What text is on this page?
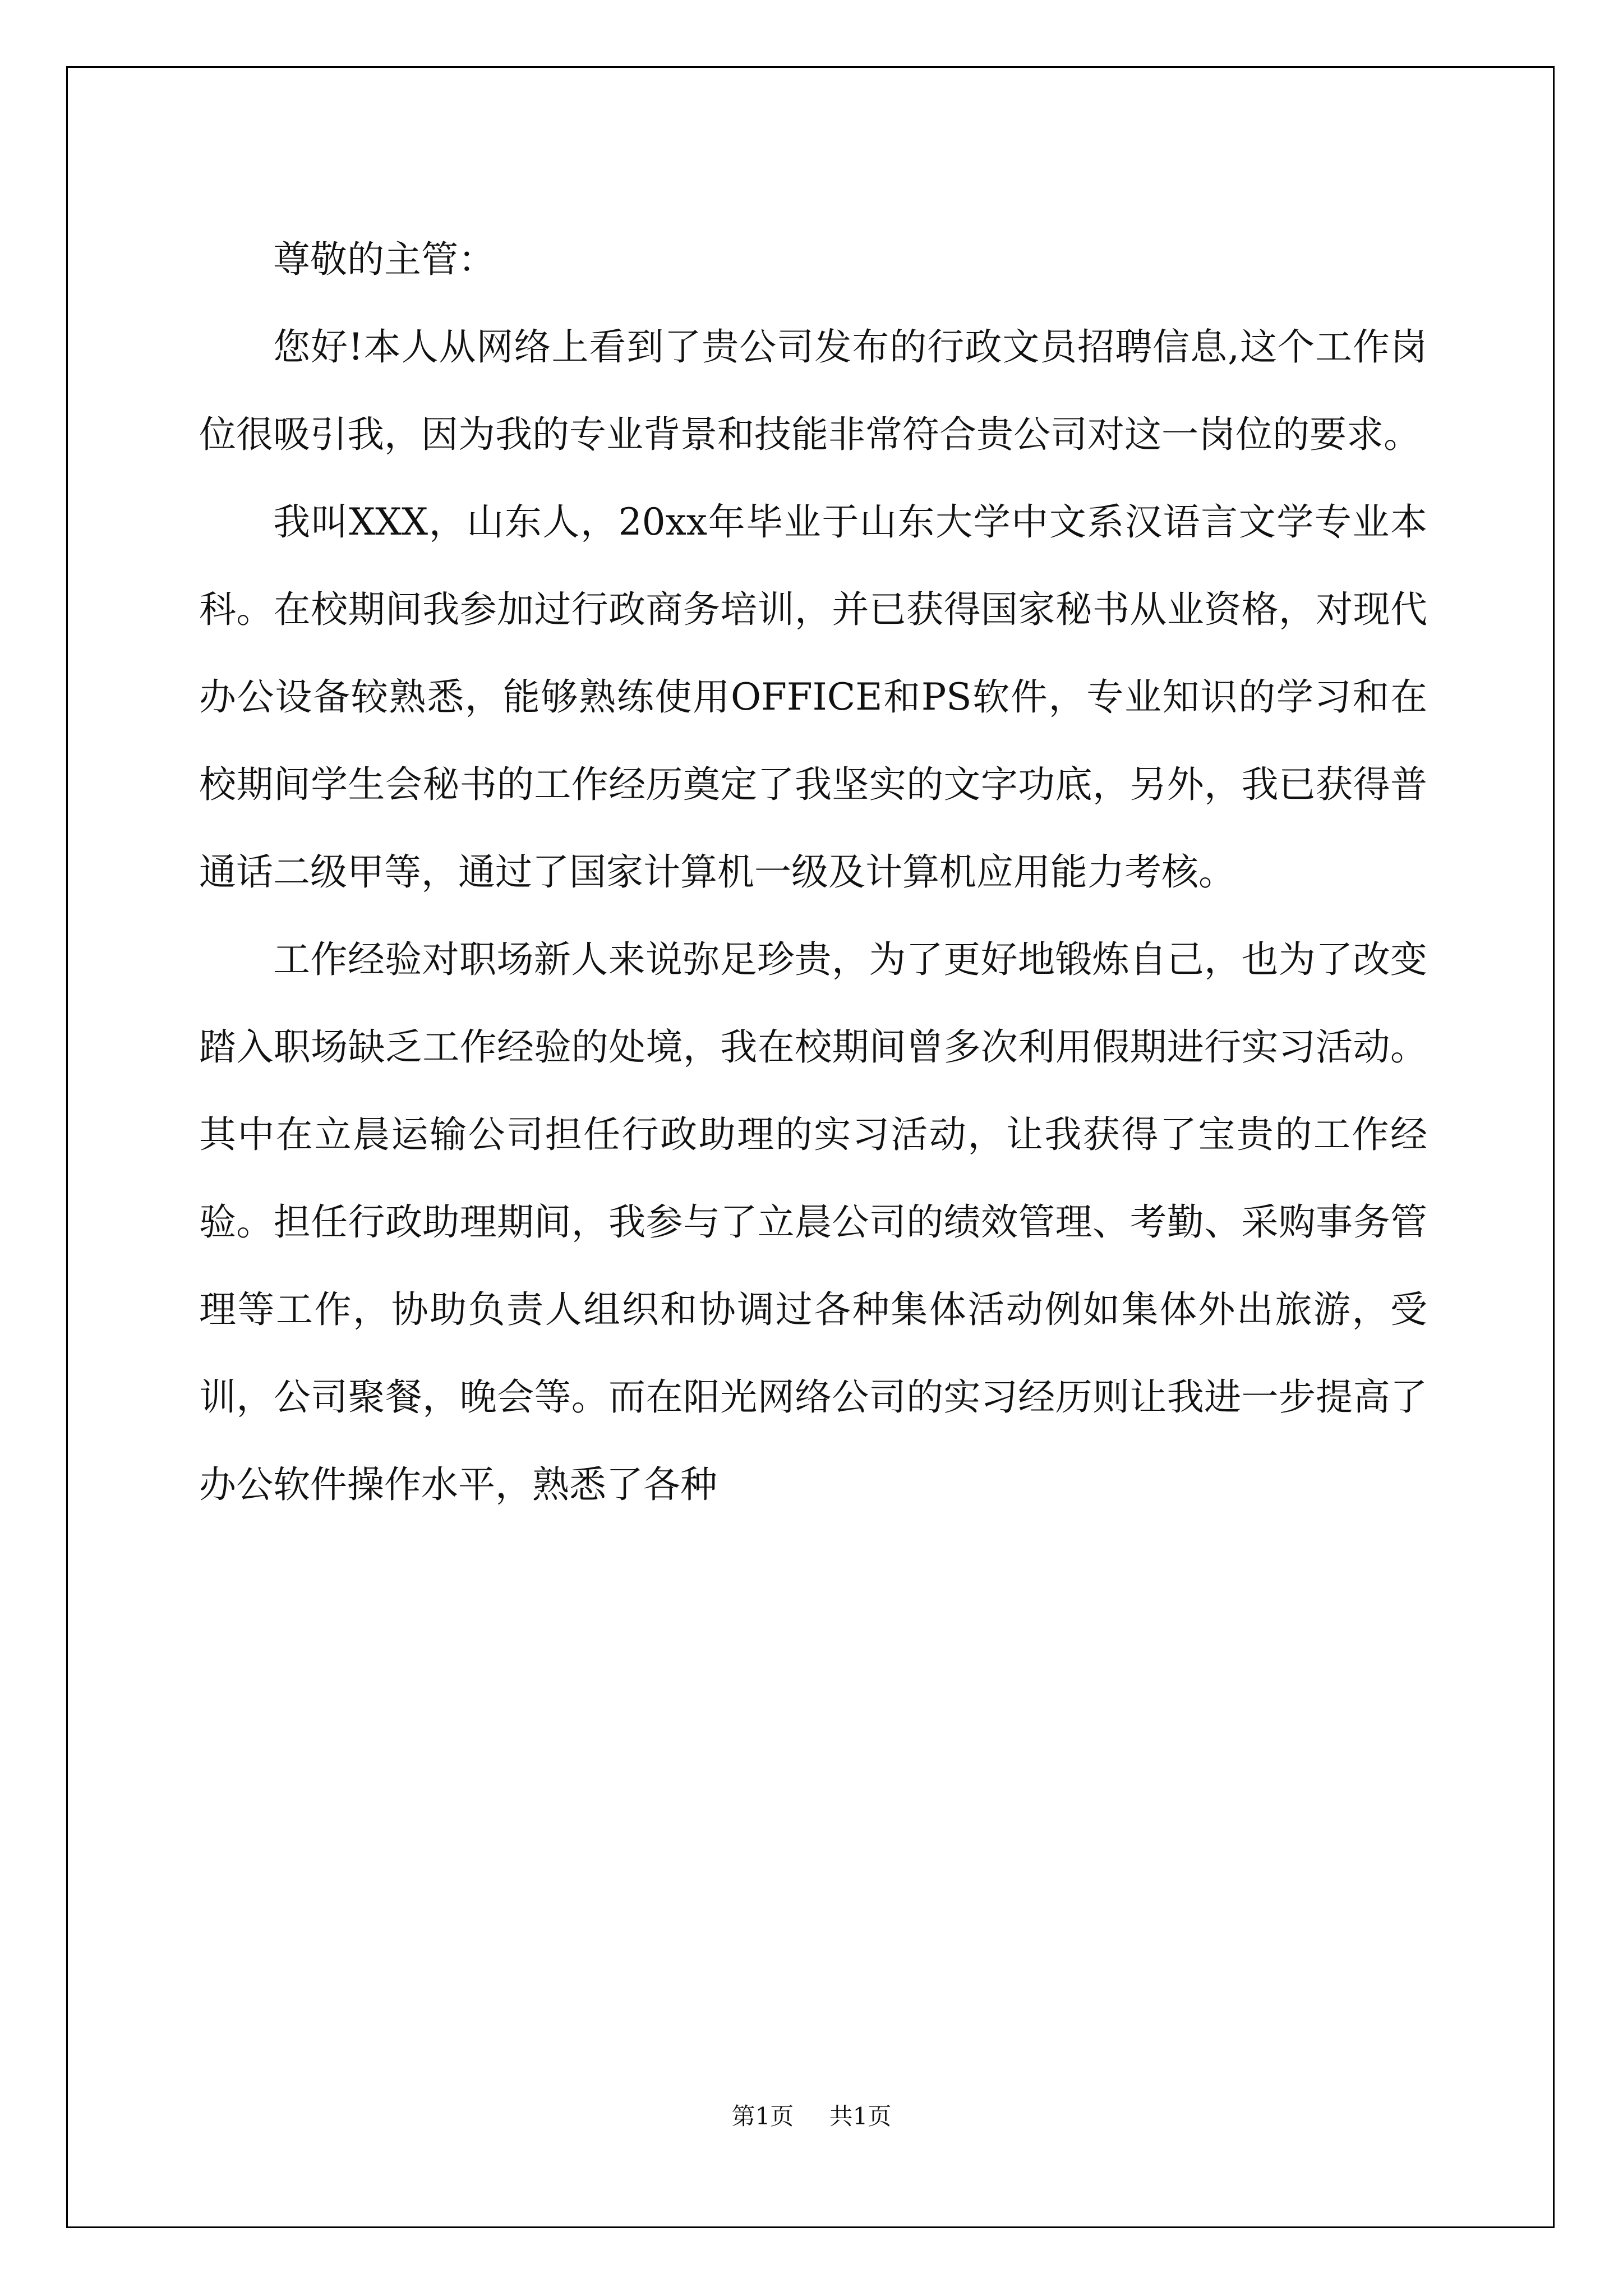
尊敬的主管：

您好!本人从网络上看到了贵公司发布的行政文员招聘信息,这个工作岗位很吸引我，因为我的专业背景和技能非常符合贵公司对这一岗位的要求。

我叫XXX，山东人，20xx年毕业于山东大学中文系汉语言文学专业本科。在校期间我参加过行政商务培训，并已获得国家秘书从业资格，对现代办公设备较熟悉，能够熟练使用OFFICE和PS软件，专业知识的学习和在校期间学生会秘书的工作经历奠定了我坚实的文字功底，另外，我已获得普通话二级甲等，通过了国家计算机一级及计算机应用能力考核。

工作经验对职场新人来说弥足珍贵，为了更好地锻炼自己，也为了改变踏入职场缺乏工作经验的处境，我在校期间曾多次利用假期进行实习活动。其中在立晨运输公司担任行政助理的实习活动，让我获得了宝贵的工作经验。担任行政助理期间，我参与了立晨公司的绩效管理、考勤、采购事务管理等工作，协助负责人组织和协调过各种集体活动例如集体外出旅游，受训，公司聚餐，晚会等。而在阳光网络公司的实习经历则让我进一步提高了办公软件操作水平，熟悉了各种

第1页 共1页
